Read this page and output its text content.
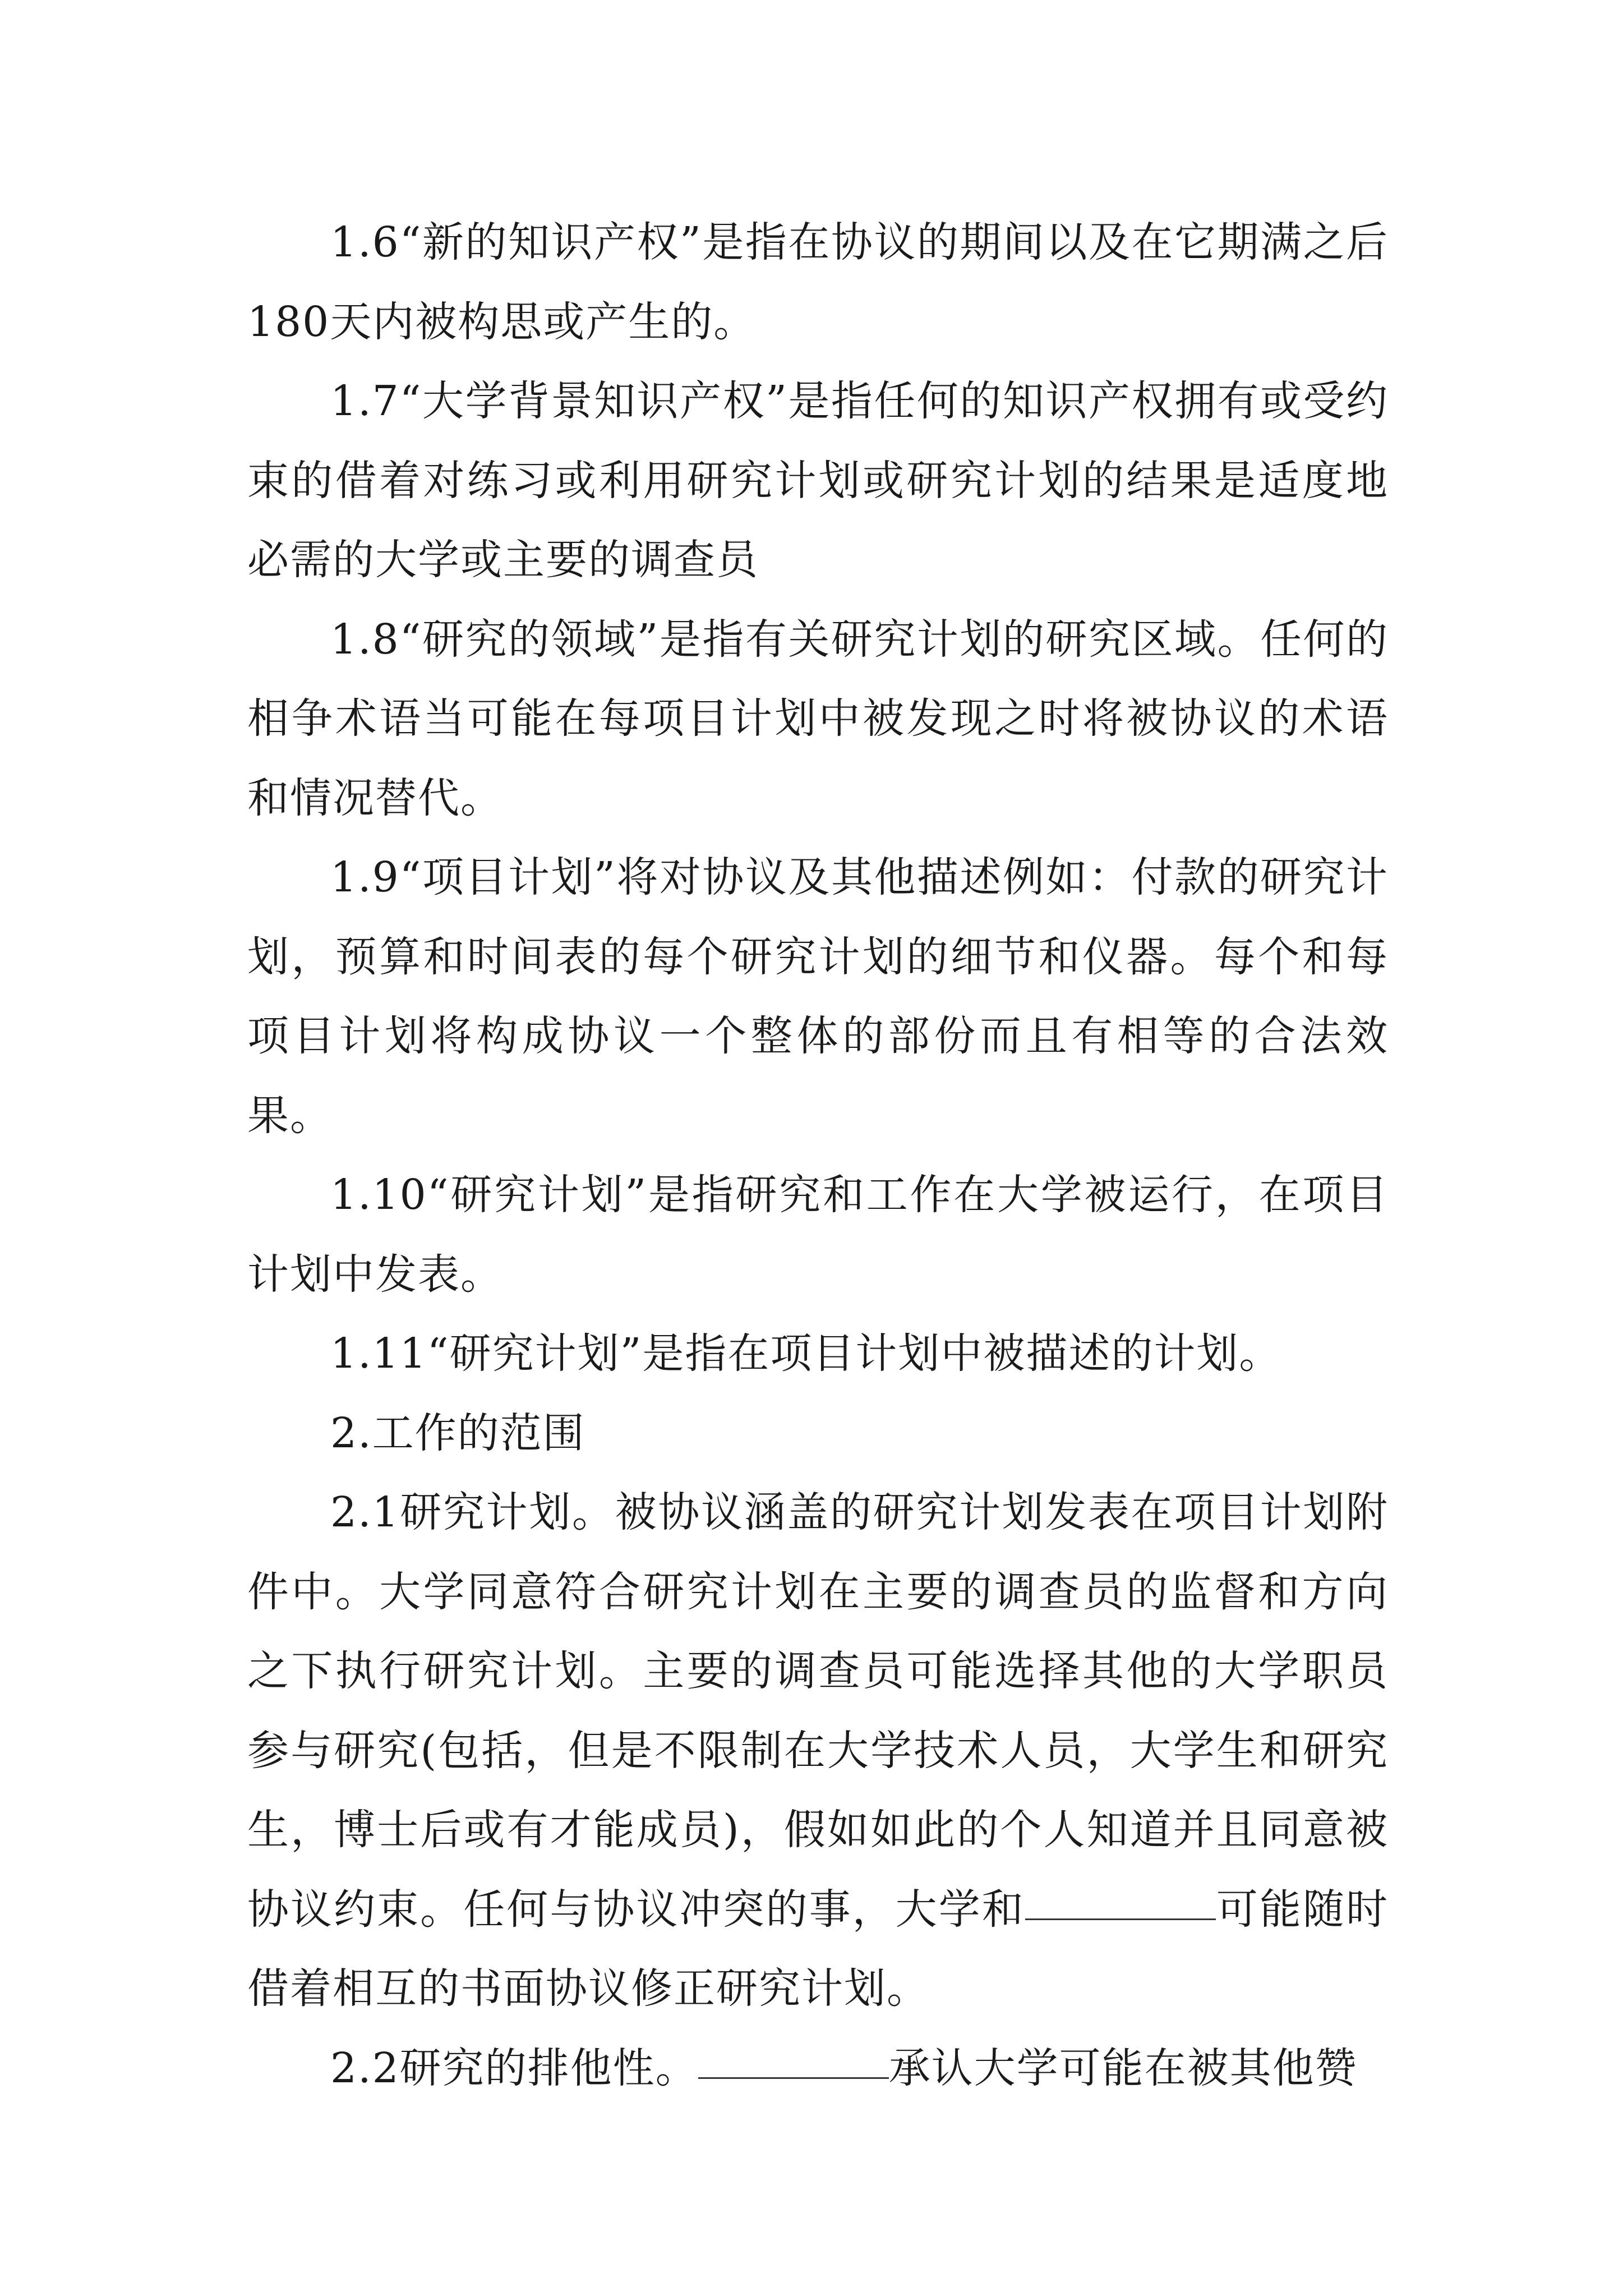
1.6“新的知识产权”是指在协议的期间以及在它期满之后180天内被构思或产生的。

1.7“大学背景知识产权”是指任何的知识产权拥有或受约束的借着对练习或利用研究计划或研究计划的结果是适度地必需的大学或主要的调查员

1.8“研究的领域”是指有关研究计划的研究区域。任何的相争术语当可能在每项目计划中被发现之时将被协议的术语和情况替代。

1.9“项目计划”将对协议及其他描述例如：付款的研究计划，预算和时间表的每个研究计划的细节和仪器。每个和每项目计划将构成协议一个整体的部份而且有相等的合法效果。

1.10“研究计划”是指研究和工作在大学被运行，在项目计划中发表。

1.11“研究计划”是指在项目计划中被描述的计划。

2.工作的范围

2.1研究计划。被协议涵盖的研究计划发表在项目计划附件中。大学同意符合研究计划在主要的调查员的监督和方向之下执行研究计划。主要的调查员可能选择其他的大学职员参与研究(包括，但是不限制在大学技术人员，大学生和研究生，博士后或有才能成员)，假如如此的个人知道并且同意被协议约束。任何与协议冲突的事，大学和	可能随时借着相互的书面协议修正研究计划。

2.2研究的排他性。	承认大学可能在被其他赞
